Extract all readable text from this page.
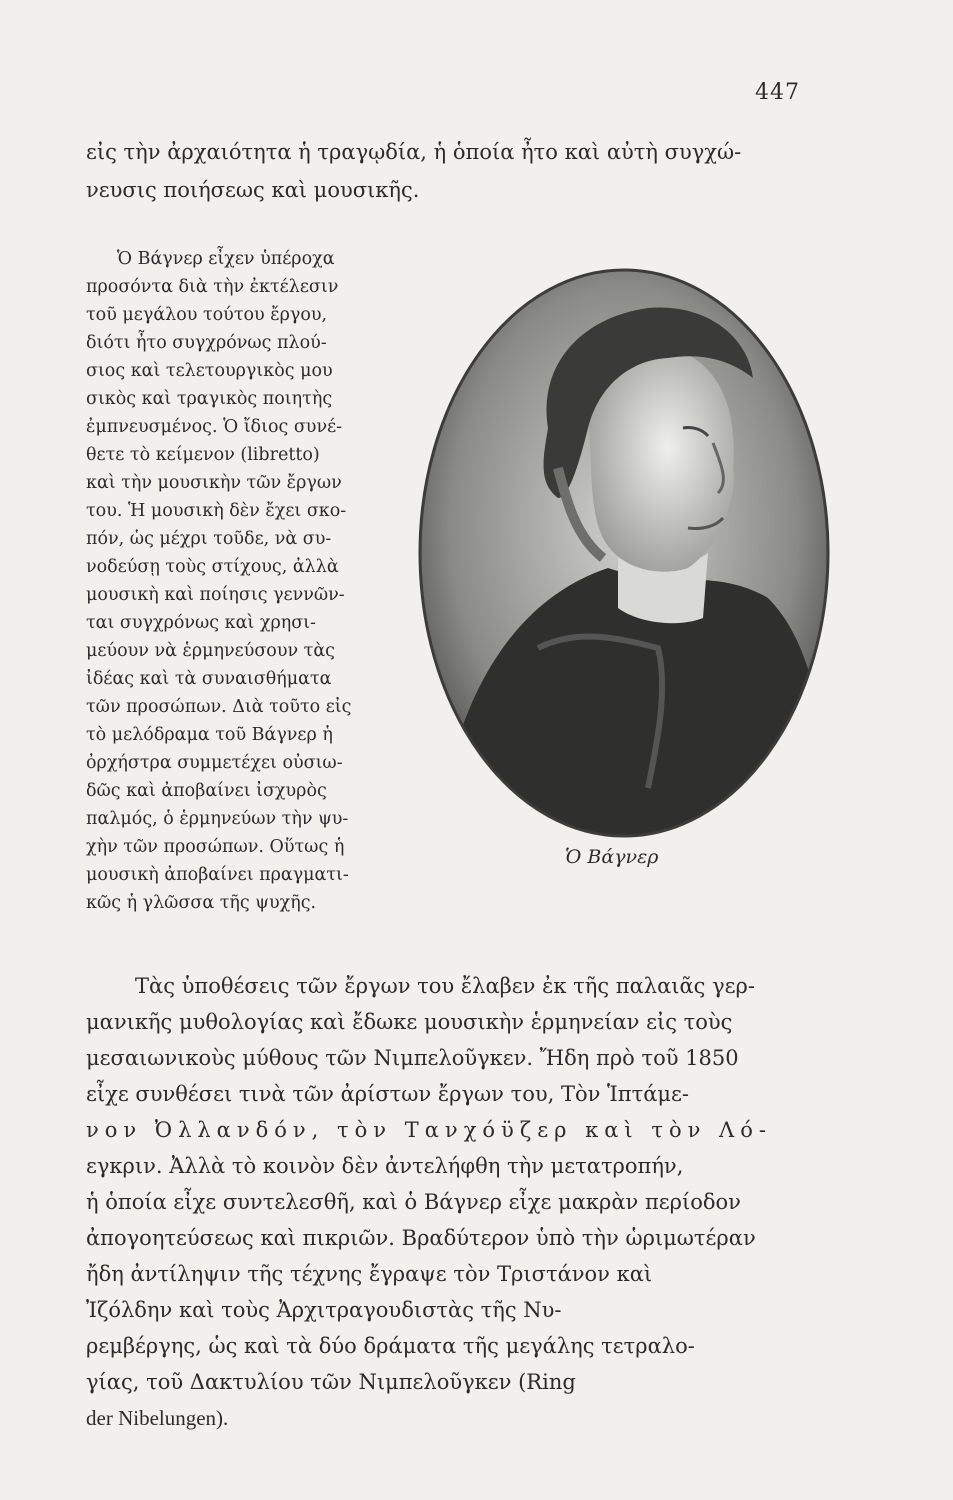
447
εἰς τὴν ἀρχαιότητα ἡ τραγῳδία, ἡ ὁποία ἦτο καὶ αὐτὴ συγχώ-
νευσις ποιήσεως καὶ μουσικῆς.
Ὁ Βάγνερ εἶχεν ὑπέροχα
προσόντα διὰ τὴν ἐκτέλεσιν
τοῦ μεγάλου τούτου ἔργου,
διότι ἦτο συγχρόνως πλού-
σιος καὶ τελετουργικὸς μου
σικὸς καὶ τραγικὸς ποιητὴς
ἐμπνευσμένος. Ὁ ἴδιος συνέ-
θετε τὸ κείμενον (libretto)
καὶ τὴν μουσικὴν τῶν ἔργων
του. Ἡ μουσικὴ δὲν ἔχει σκο-
πόν, ὡς μέχρι τοῦδε, νὰ συ-
νοδεύσῃ τοὺς στίχους, ἀλλὰ
μουσικὴ καὶ ποίησις γεννῶν-
ται συγχρόνως καὶ χρησι-
μεύουν νὰ ἑρμηνεύσουν τὰς
ἰδέας καὶ τὰ συναισθήματα
τῶν προσώπων. Διὰ τοῦτο εἰς
τὸ μελόδραμα τοῦ Βάγνερ ἡ
ὀρχήστρα συμμετέχει οὐσιω-
δῶς καὶ ἀποβαίνει ἰσχυρὸς
παλμός, ὁ ἑρμηνεύων τὴν ψυ-
χὴν τῶν προσώπων. Οὕτως ἡ
μουσικὴ ἀποβαίνει πραγματι-
κῶς ἡ γλῶσσα τῆς ψυχῆς.
Ὁ Βάγνερ
Τὰς ὑποθέσεις τῶν ἔργων του ἔλαβεν ἐκ τῆς παλαιᾶς γερ-
μανικῆς μυθολογίας καὶ ἔδωκε μουσικὴν ἑρμηνείαν εἰς τοὺς
μεσαιωνικοὺς μύθους τῶν Νιμπελοῦγκεν. Ἤδη πρὸ τοῦ 1850
εἶχε συνθέσει τινὰ τῶν ἀρίστων ἔργων του, Τὸν Ἱπτάμε-
νον Ὀλλανδόν, τὸν Τανχόϋζερ καὶ τὸν Λό-
εγκριν. Ἀλλὰ τὸ κοινὸν δὲν ἀντελήφθη τὴν μετατροπήν,
ἡ ὁποία εἶχε συντελεσθῆ, καὶ ὁ Βάγνερ εἶχε μακρὰν περίοδον
ἀπογοητεύσεως καὶ πικριῶν. Βραδύτερον ὑπὸ τὴν ὡριμωτέραν
ἤδη ἀντίληψιν τῆς τέχνης ἔγραψε τὸν Τριστάνον καὶ
Ἰζόλδην καὶ τοὺς Ἀρχιτραγουδιστὰς τῆς Νυ-
ρεμβέργης, ὡς καὶ τὰ δύο δράματα τῆς μεγάλης τετραλο-
γίας, τοῦ Δακτυλίου τῶν Νιμπελοῦγκεν (Ring
der Nibelungen).
